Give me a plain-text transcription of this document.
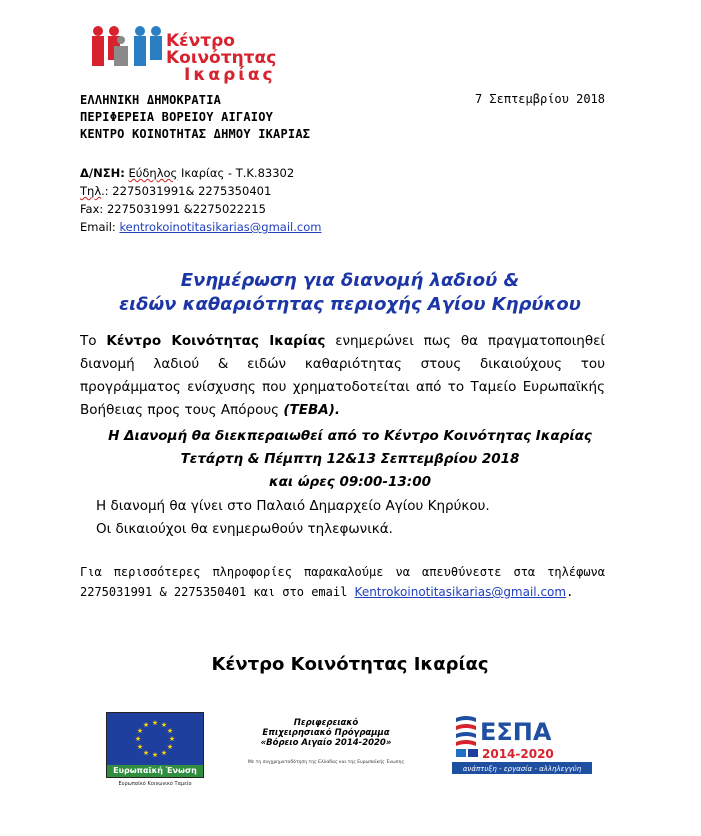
Κέντρο
Κοινότητας
Ικαρίας
ΕΛΛΗΝΙΚΗ ΔΗΜΟΚΡΑΤΙΑ
ΠΕΡΙΦΕΡΕΙΑ ΒΟΡΕΙΟΥ ΑΙΓΑΙΟΥ
ΚΕΝΤΡΟ ΚΟΙΝΟΤΗΤΑΣ ΔΗΜΟΥ ΙΚΑΡΙΑΣ
7 Σεπτεμβρίου 2018
Δ/ΝΣΗ: Εύδηλος Ικαρίας - Τ.Κ.83302
Τηλ.: 2275031991& 2275350401
Fax: 2275031991 &2275022215
Email: kentrokoinotitasikarias@gmail.com
Ενημέρωση για διανομή λαδιού &
ειδών καθαριότητας περιοχής Αγίου Κηρύκου
Το Κέντρο Κοινότητας Ικαρίας ενημερώνει πως θα πραγματοποιηθεί διανομή λαδιού & ειδών καθαριότητας στους δικαιούχους του προγράμματος ενίσχυσης που χρηματοδοτείται από το Ταμείο Ευρωπαϊκής Βοήθειας προς τους Απόρους (ΤΕΒΑ).
Η Διανομή θα διεκπεραιωθεί από το Κέντρο Κοινότητας Ικαρίας
Τετάρτη & Πέμπτη 12&13 Σεπτεμβρίου 2018
και ώρες 09:00-13:00
Η διανομή θα γίνει στο Παλαιό Δημαρχείο Αγίου Κηρύκου.
Οι δικαιούχοι θα ενημερωθούν τηλεφωνικά.
Για περισσότερες πληροφορίες παρακαλούμε να απευθύνεστε στα τηλέφωνα 2275031991 & 2275350401 και στο email Kentrokoinotitasikarias@gmail.com.
Κέντρο Κοινότητας Ικαρίας
★ ★
★
★
★
★
★
★
★
★
★
★
Ευρωπαϊκή Ένωση
Ευρωπαϊκό Κοινωνικό Ταμείο
Περιφερειακό
Επιχειρησιακό Πρόγραμμα
«Βόρειο Αιγαίο 2014-2020»
Με τη συγχρηματοδότηση της Ελλάδας και της Ευρωπαϊκής Ένωσης
ΕΣΠΑ
2014-2020
ανάπτυξη - εργασία - αλληλεγγύη
